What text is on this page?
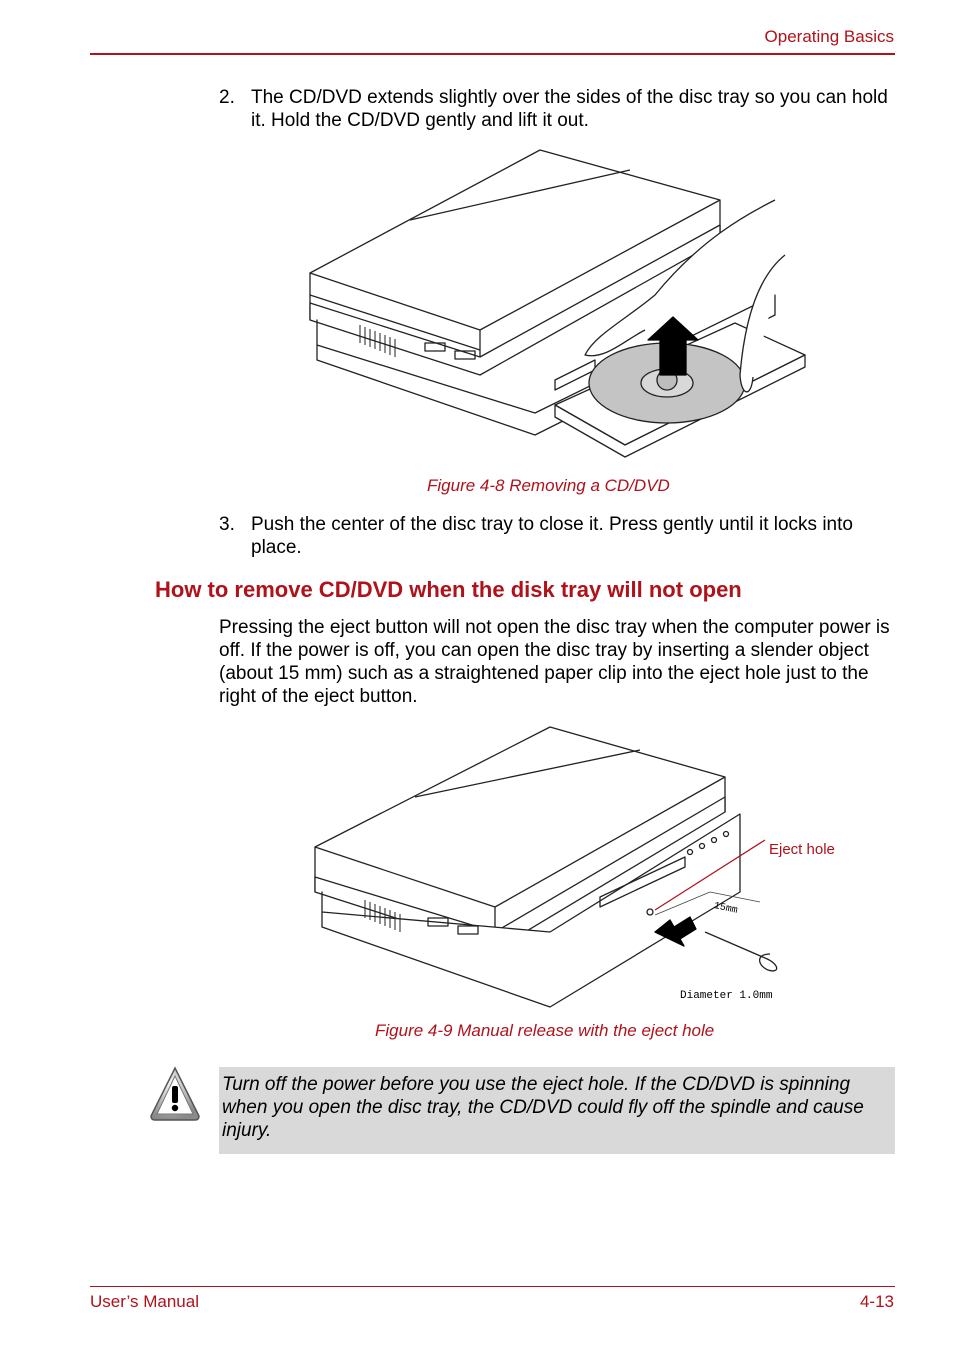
Operating Basics
2. The CD/DVD extends slightly over the sides of the disc tray so you can hold it. Hold the CD/DVD gently and lift it out.
Figure 4-8 Removing a CD/DVD
3. Push the center of the disc tray to close it. Press gently until it locks into place.
How to remove CD/DVD when the disk tray will not open
Pressing the eject button will not open the disc tray when the computer power is off. If the power is off, you can open the disc tray by inserting a slender object (about 15 mm) such as a straightened paper clip into the eject hole just to the right of the eject button.
Eject hole
15mm
Diameter 1.0mm
Figure 4-9 Manual release with the eject hole
Turn off the power before you use the eject hole. If the CD/DVD is spinning when you open the disc tray, the CD/DVD could fly off the spindle and cause injury.
User’s Manual	4-13
